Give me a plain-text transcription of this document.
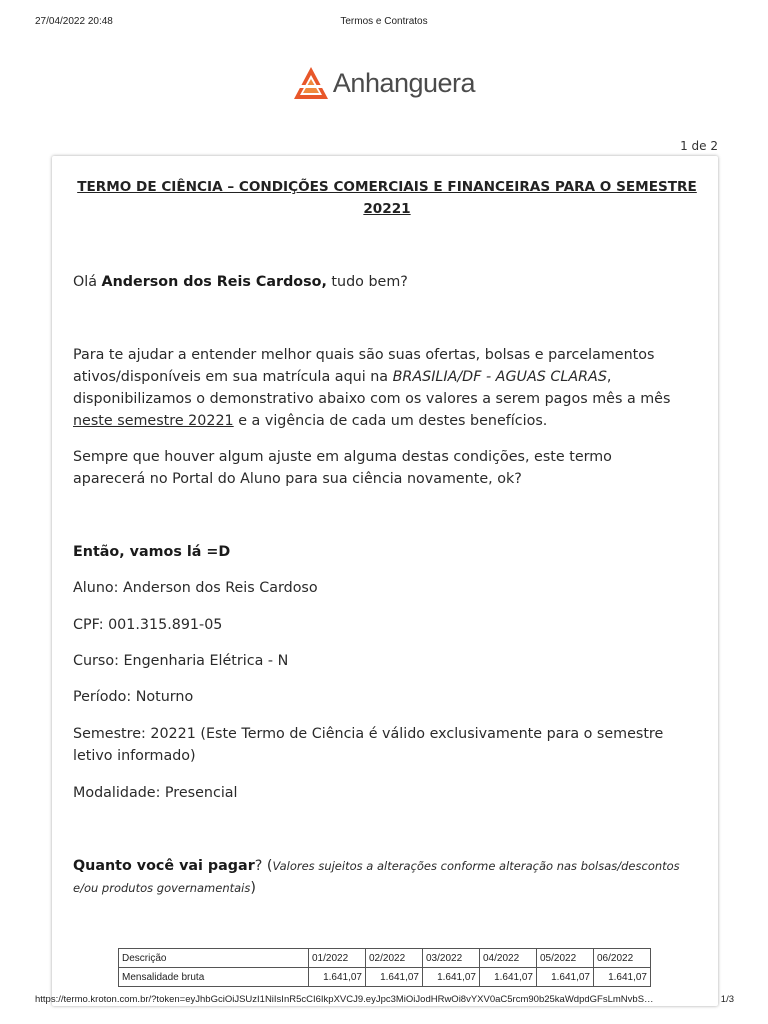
27/04/2022 20:48	Termos e Contratos
Anhanguera
1 de 2
TERMO DE CIÊNCIA – CONDIÇÕES COMERCIAIS E FINANCEIRAS PARA O SEMESTRE 20221
Olá Anderson dos Reis Cardoso, tudo bem?
Para te ajudar a entender melhor quais são suas ofertas, bolsas e parcelamentos ativos/disponíveis em sua matrícula aqui na BRASILIA/DF - AGUAS CLARAS, disponibilizamos o demonstrativo abaixo com os valores a serem pagos mês a mês neste semestre 20221 e a vigência de cada um destes benefícios.
Sempre que houver algum ajuste em alguma destas condições, este termo aparecerá no Portal do Aluno para sua ciência novamente, ok?
Então, vamos lá =D
Aluno: Anderson dos Reis Cardoso
CPF: 001.315.891-05
Curso: Engenharia Elétrica - N
Período: Noturno
Semestre: 20221 (Este Termo de Ciência é válido exclusivamente para o semestre letivo informado)
Modalidade: Presencial
Quanto você vai pagar? (Valores sujeitos a alterações conforme alteração nas bolsas/descontos e/ou produtos governamentais)
Descrição	01/2022	02/2022	03/2022	04/2022	05/2022	06/2022
Mensalidade bruta	1.641,07	1.641,07	1.641,07	1.641,07	1.641,07	1.641,07
https://termo.kroton.com.br/?token=eyJhbGciOiJSUzI1NiIsInR5cCI6IkpXVCJ9.eyJpc3MiOiJodHRwOi8vYXV0aC5rcm90b25kaWdpdGFsLmNvbS…	1/3
